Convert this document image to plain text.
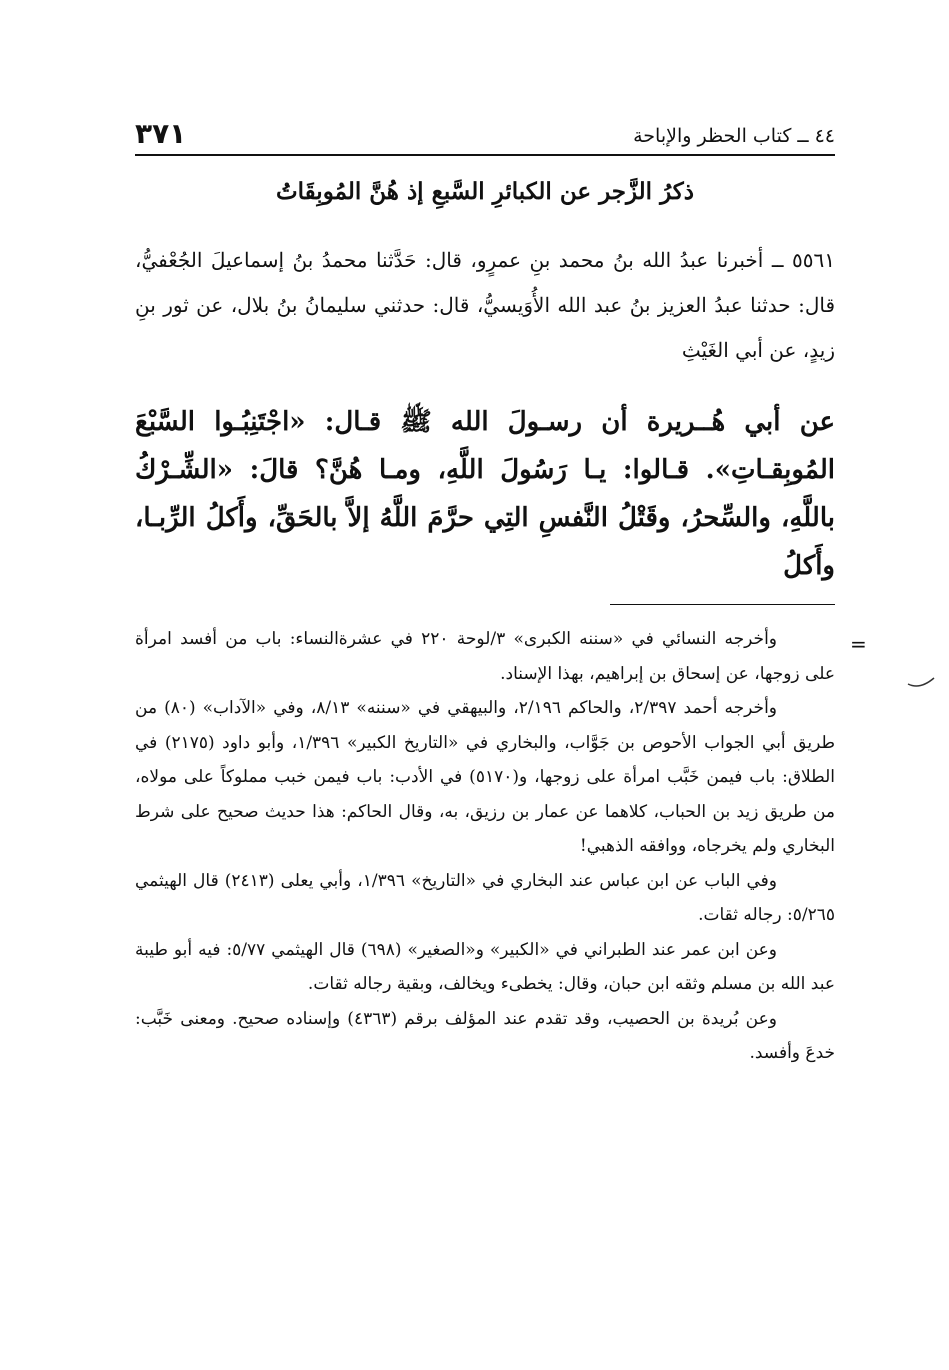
٣٧١	٤٤ ــ كتاب الحظر والإباحة
ذكرُ الزَّجر عن الكبائرِ السَّبعِ إذ هُنَّ المُوبِقَاتُ

٥٥٦١ ــ أخبرنا عبدُ الله بنُ محمد بنِ عمرٍو، قال: حَدَّثنا محمدُ بنُ إسماعيلَ الجُعْفيُّ، قال: حدثنا عبدُ العزيز بنُ عبد الله الأُوَيسيُّ، قال: حدثني سليمانُ بنُ بلال، عن ثور بنِ زيدٍ، عن أبي الغَيْثِ

عن أبي هُــريرة أن رسـولَ الله ﷺ قـال: «اجْتَنِبُـوا السَّبْعَ المُوبِقـاتِ». قـالوا: يـا رَسُولَ اللَّهِ، ومـا هُنَّ؟ قالَ: «الشِّـرْكُ باللَّهِ، والسِّحرُ، وقَتْلُ النَّفسِ التِي حرَّمَ اللَّهُ إلاَّ بالحَقِّ، وأَكلُ الرِّبـا، وأَكلُ

=

وأخرجه النسائي في «سننه الكبرى» ٣/لوحة ٢٢٠ في عشرةالنساء: باب من أفسد امرأة على زوجها، عن إسحاق بن إبراهيم، بهذا الإسناد.

وأخرجه أحمد ٢/٣٩٧، والحاكم ٢/١٩٦، والبيهقي في «سننه» ٨/١٣، وفي «الآداب» (٨٠) من طريق أبي الجواب الأحوص بن جَوَّاب، والبخاري في «التاريخ الكبير» ١/٣٩٦، وأبو داود (٢١٧٥) في الطلاق: باب فيمن خَبَّب امرأة على زوجها، و(٥١٧٠) في الأدب: باب فيمن خبب مملوكاً على مولاه، من طريق زيد بن الحباب، كلاهما عن عمار بن رزيق، به، وقال الحاكم: هذا حديث صحيح على شرط البخاري ولم يخرجاه، ووافقه الذهبي!

وفي الباب عن ابن عباس عند البخاري في «التاريخ» ١/٣٩٦، وأبي يعلى (٢٤١٣) قال الهيثمي ٥/٢٦٥: رجاله ثقات.

وعن ابن عمر عند الطبراني في «الكبير» و«الصغير» (٦٩٨) قال الهيثمي ٥/٧٧: فيه أبو طيبة عبد الله بن مسلم وثقه ابن حبان، وقال: يخطىء ويخالف، وبقية رجاله ثقات.

وعن بُريدة بن الحصيب، وقد تقدم عند المؤلف برقم (٤٣٦٣) وإسناده صحيح. ومعنى خَبَّب: خدعَ وأفسد.
